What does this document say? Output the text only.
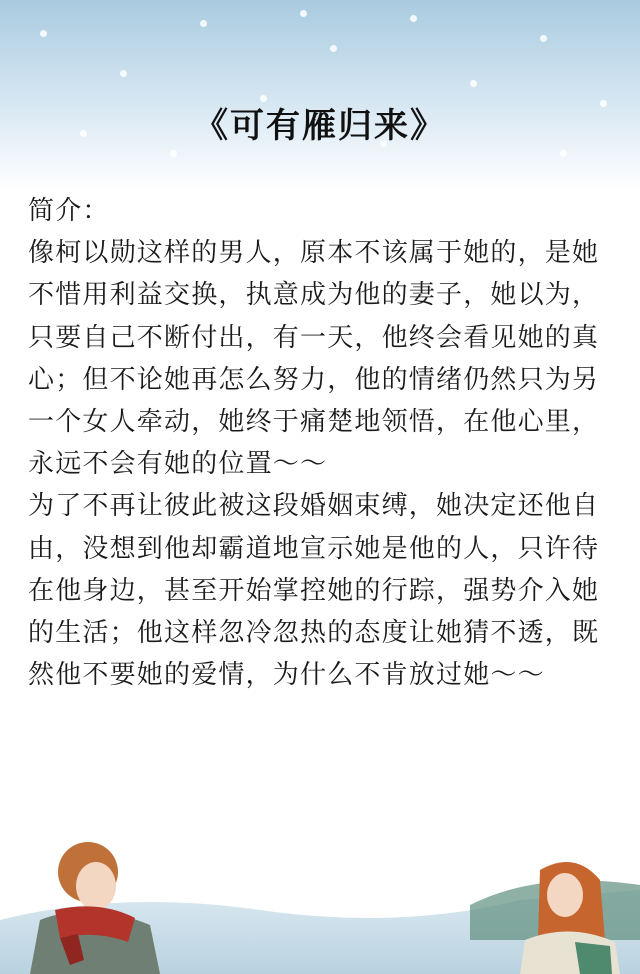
《可有雁归来》
简介：

像柯以勋这样的男人，原本不该属于她的，是她不惜用利益交换，执意成为他的妻子，她以为，只要自己不断付出，有一天，他终会看见她的真心；但不论她再怎么努力，他的情绪仍然只为另一个女人牵动，她终于痛楚地领悟，在他心里，永远不会有她的位置～～

为了不再让彼此被这段婚姻束缚，她决定还他自由，没想到他却霸道地宣示她是他的人，只许待在他身边，甚至开始掌控她的行踪，强势介入她的生活；他这样忽冷忽热的态度让她猜不透，既然他不要她的爱情，为什么不肯放过她～～
